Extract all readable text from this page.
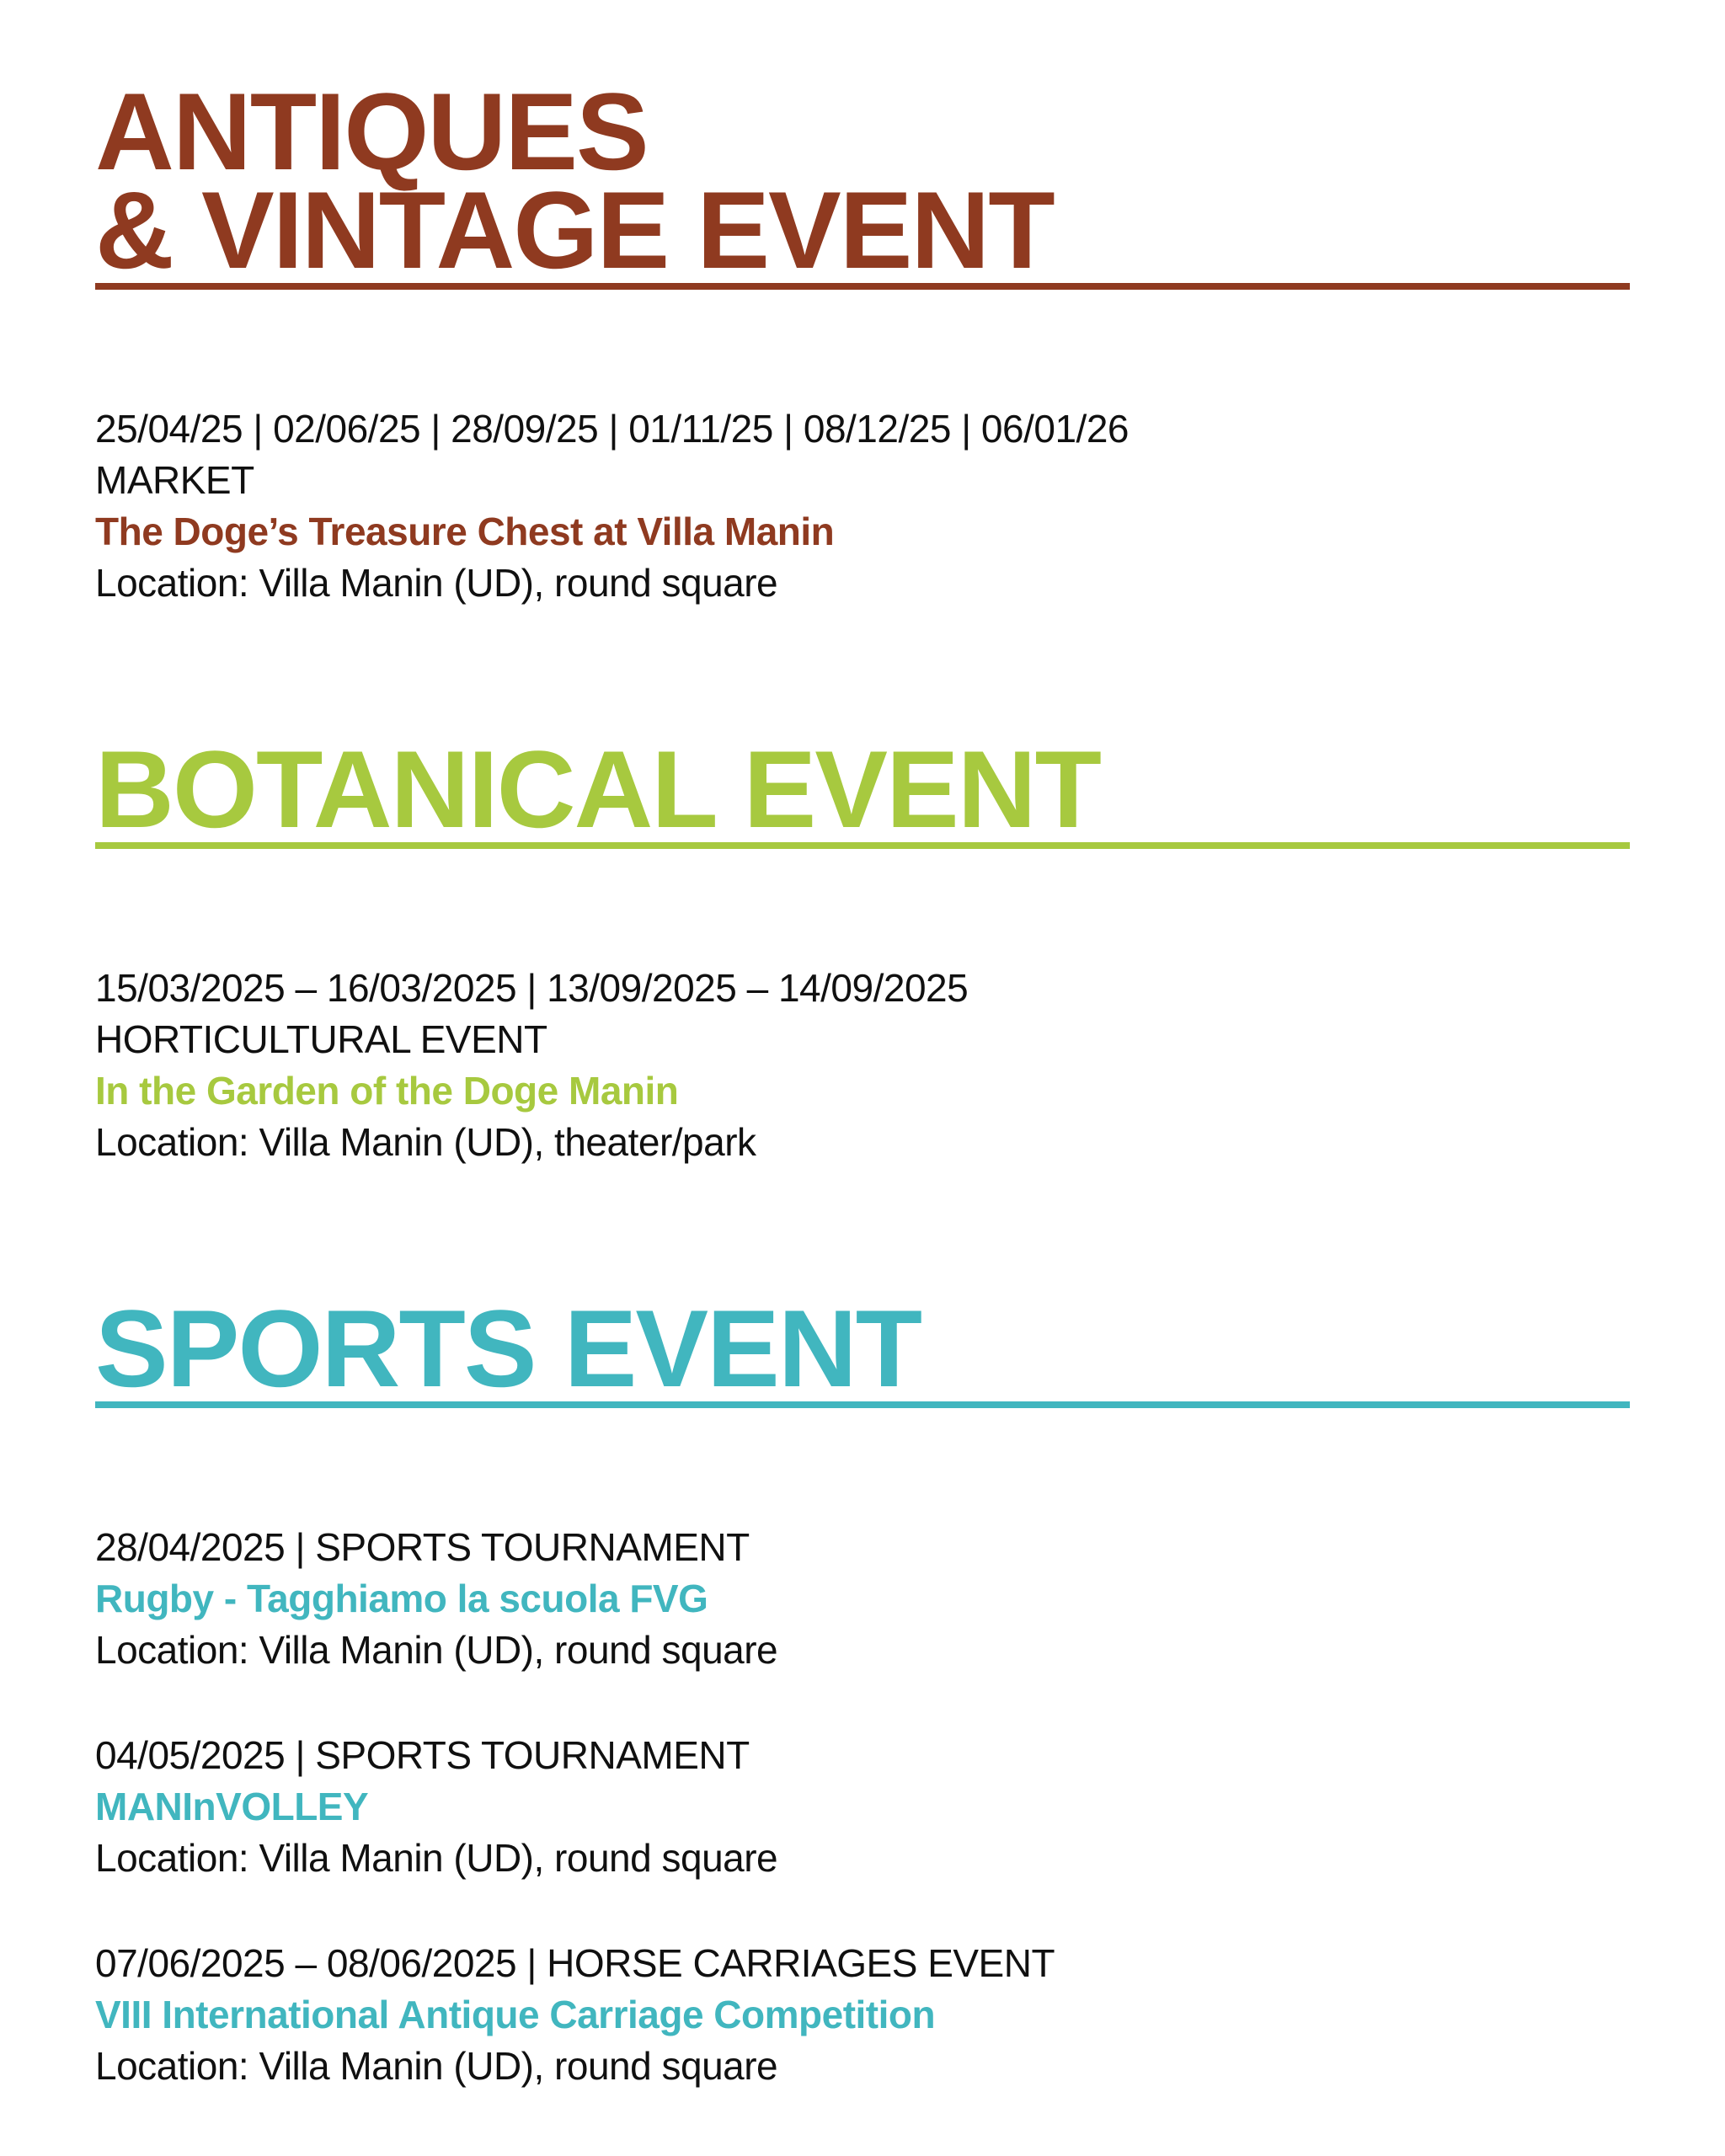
ANTIQUES
& VINTAGE EVENT
25/04/25 | 02/06/25 | 28/09/25 | 01/11/25 | 08/12/25 | 06/01/26
MARKET
The Doge’s Treasure Chest at Villa Manin
Location: Villa Manin (UD), round square
BOTANICAL EVENT
15/03/2025 – 16/03/2025 | 13/09/2025 – 14/09/2025
HORTICULTURAL EVENT
In the Garden of the Doge Manin
Location: Villa Manin (UD), theater/park
SPORTS EVENT
28/04/2025 | SPORTS TOURNAMENT
Rugby - Tagghiamo la scuola FVG
Location: Villa Manin (UD), round square
04/05/2025 | SPORTS TOURNAMENT
MANInVOLLEY
Location: Villa Manin (UD), round square
07/06/2025 – 08/06/2025 | HORSE CARRIAGES EVENT
VIII International Antique Carriage Competition
Location: Villa Manin (UD), round square
